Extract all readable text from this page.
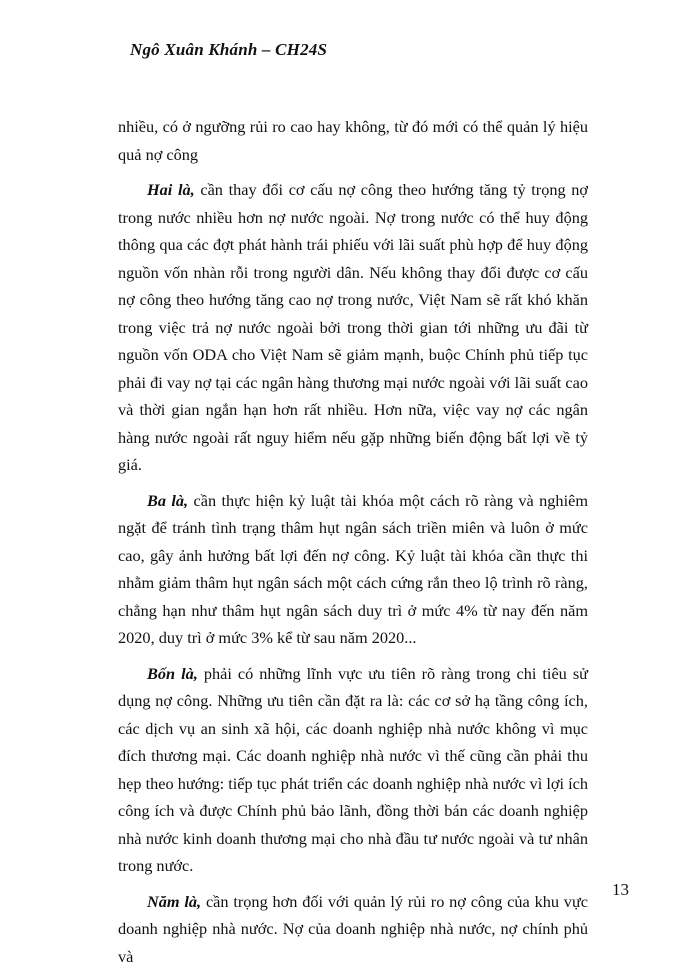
Ngô Xuân Khánh – CH24S

nhiều, có ở ngưỡng rủi ro cao hay không, từ đó mới có thể quản lý hiệu quả nợ công

Hai là, cần thay đổi cơ cấu nợ công theo hướng tăng tỷ trọng nợ trong nước nhiều hơn nợ nước ngoài. Nợ trong nước có thể huy động thông qua các đợt phát hành trái phiếu với lãi suất phù hợp để huy động nguồn vốn nhàn rỗi trong người dân. Nếu không thay đổi được cơ cấu nợ công theo hướng tăng cao nợ trong nước, Việt Nam sẽ rất khó khăn trong việc trả nợ nước ngoài bởi trong thời gian tới những ưu đãi từ nguồn vốn ODA cho Việt Nam sẽ giảm mạnh, buộc Chính phủ tiếp tục phải đi vay nợ tại các ngân hàng thương mại nước ngoài với lãi suất cao và thời gian ngắn hạn hơn rất nhiều. Hơn nữa, việc vay nợ các ngân hàng nước ngoài rất nguy hiểm nếu gặp những biến động bất lợi về tỷ giá.

Ba là, cần thực hiện kỷ luật tài khóa một cách rõ ràng và nghiêm ngặt để tránh tình trạng thâm hụt ngân sách triền miên và luôn ở mức cao, gây ảnh hưởng bất lợi đến nợ công. Kỷ luật tài khóa cần thực thi nhằm giảm thâm hụt ngân sách một cách cứng rắn theo lộ trình rõ ràng, chẳng hạn như thâm hụt ngân sách duy trì ở mức 4% từ nay đến năm 2020, duy trì ở mức 3% kể từ sau năm 2020...

Bốn là, phải có những lĩnh vực ưu tiên rõ ràng trong chi tiêu sử dụng nợ công. Những ưu tiên cần đặt ra là: các cơ sở hạ tầng công ích, các dịch vụ an sinh xã hội, các doanh nghiệp nhà nước không vì mục đích thương mại. Các doanh nghiệp nhà nước vì thế cũng cần phải thu hẹp theo hướng: tiếp tục phát triển các doanh nghiệp nhà nước vì lợi ích công ích và được Chính phủ bảo lãnh, đồng thời bán các doanh nghiệp nhà nước kinh doanh thương mại cho nhà đầu tư nước ngoài và tư nhân trong nước.

Năm là, cần trọng hơn đối với quản lý rủi ro nợ công của khu vực doanh nghiệp nhà nước. Nợ của doanh nghiệp nhà nước, nợ chính phủ và

13
